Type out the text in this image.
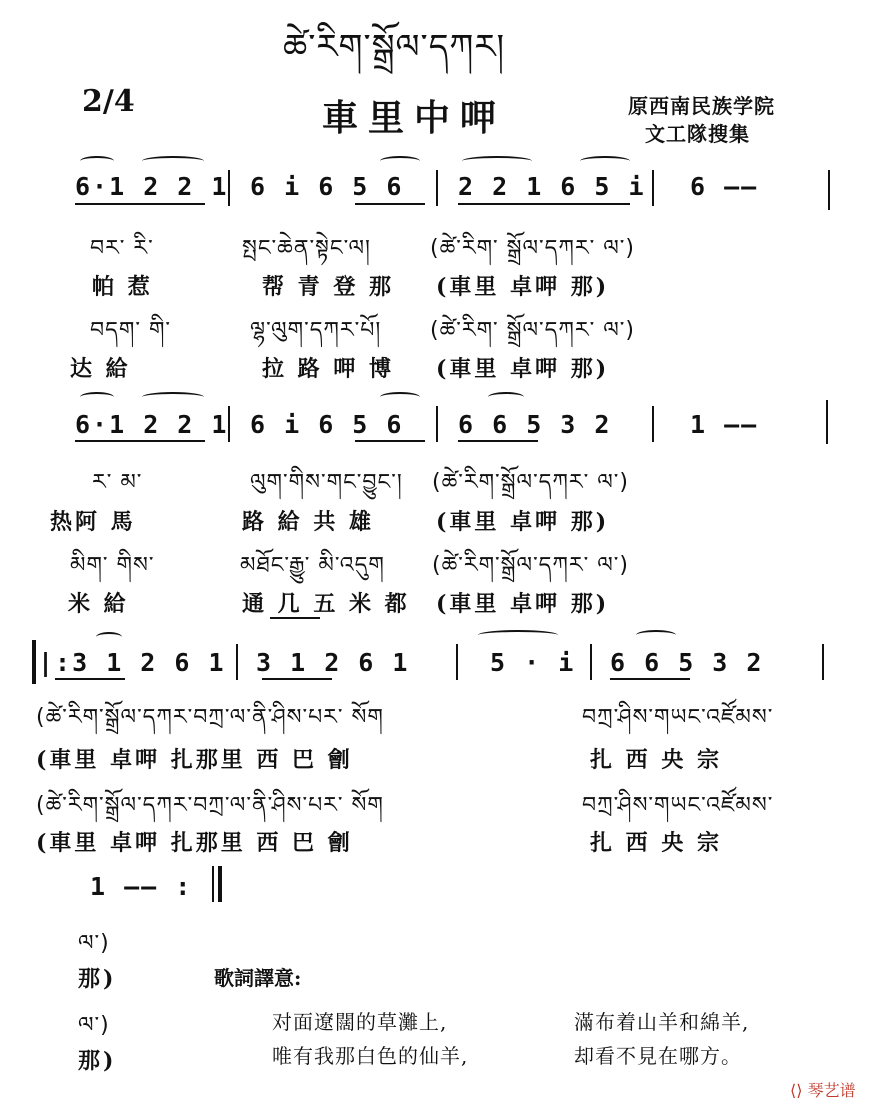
ཚེ་རིག་སྒྲོལ་དཀར།
2/4	車里中呷	原西南民族学院
文工隊搜集
6·1 2 2 1 6 i 6 5 6 2 2 1 6 5 i 6 ——
བར་ རི་	སྤང་ཆེན་སྟེང་ལ།	(ཚེ་རིག་ སྒྲོལ་དཀར་ ལ་)
帕 惹	帮 青 登 那 (車里 卓呷 那)
བདག་ གི་	ལྷ་ལུག་དཀར་པོ། (ཚེ་རིག་ སྒྲོལ་དཀར་ ལ་)
达 給	拉 路 呷 博 (車里 卓呷 那)
6·1 2 2 1 6 i 6 5 6 6 6 5 3 2	1 ——
ར་ མ་	ལུག་གིས་གང་བྱུང་། (ཚེ་རིག་སྒྲོལ་དཀར་ ལ་)
热阿 馬	路 給 共 雄	(車里 卓呷 那)
མིག་ གིས་	མཐོང་རྒྱུ་ མི་འདུག (ཚེ་རིག་སྒྲོལ་དཀར་ ལ་)
米 給	通 几 五 米 都 (車里 卓呷 那)
|:3 1 2 6 1 3 1 2 6 1	5 · i 6 6 5 3 2
(ཚེ་རིག་སྒྲོལ་དཀར་བཀྲ་ལ་ནི་ཤིས་པར་ སོག	བཀྲ་ཤིས་གཡང་འཛོམས་
(車里 卓呷 扎那里 西 巴 劊	扎 西 央 宗
(ཚེ་རིག་སྒྲོལ་དཀར་བཀྲ་ལ་ནི་ཤིས་པར་ སོག	བཀྲ་ཤིས་གཡང་འཛོམས་
(車里 卓呷 扎那里 西 巴 劊	扎 西 央 宗
1 —— :
ལ་)
那)
ལ་)
那)
歌詞譯意:
对面遼闊的草灘上,	滿布着山羊和綿羊,
唯有我那白色的仙羊,	却看不見在哪方。
⟨⟩ 琴艺谱
